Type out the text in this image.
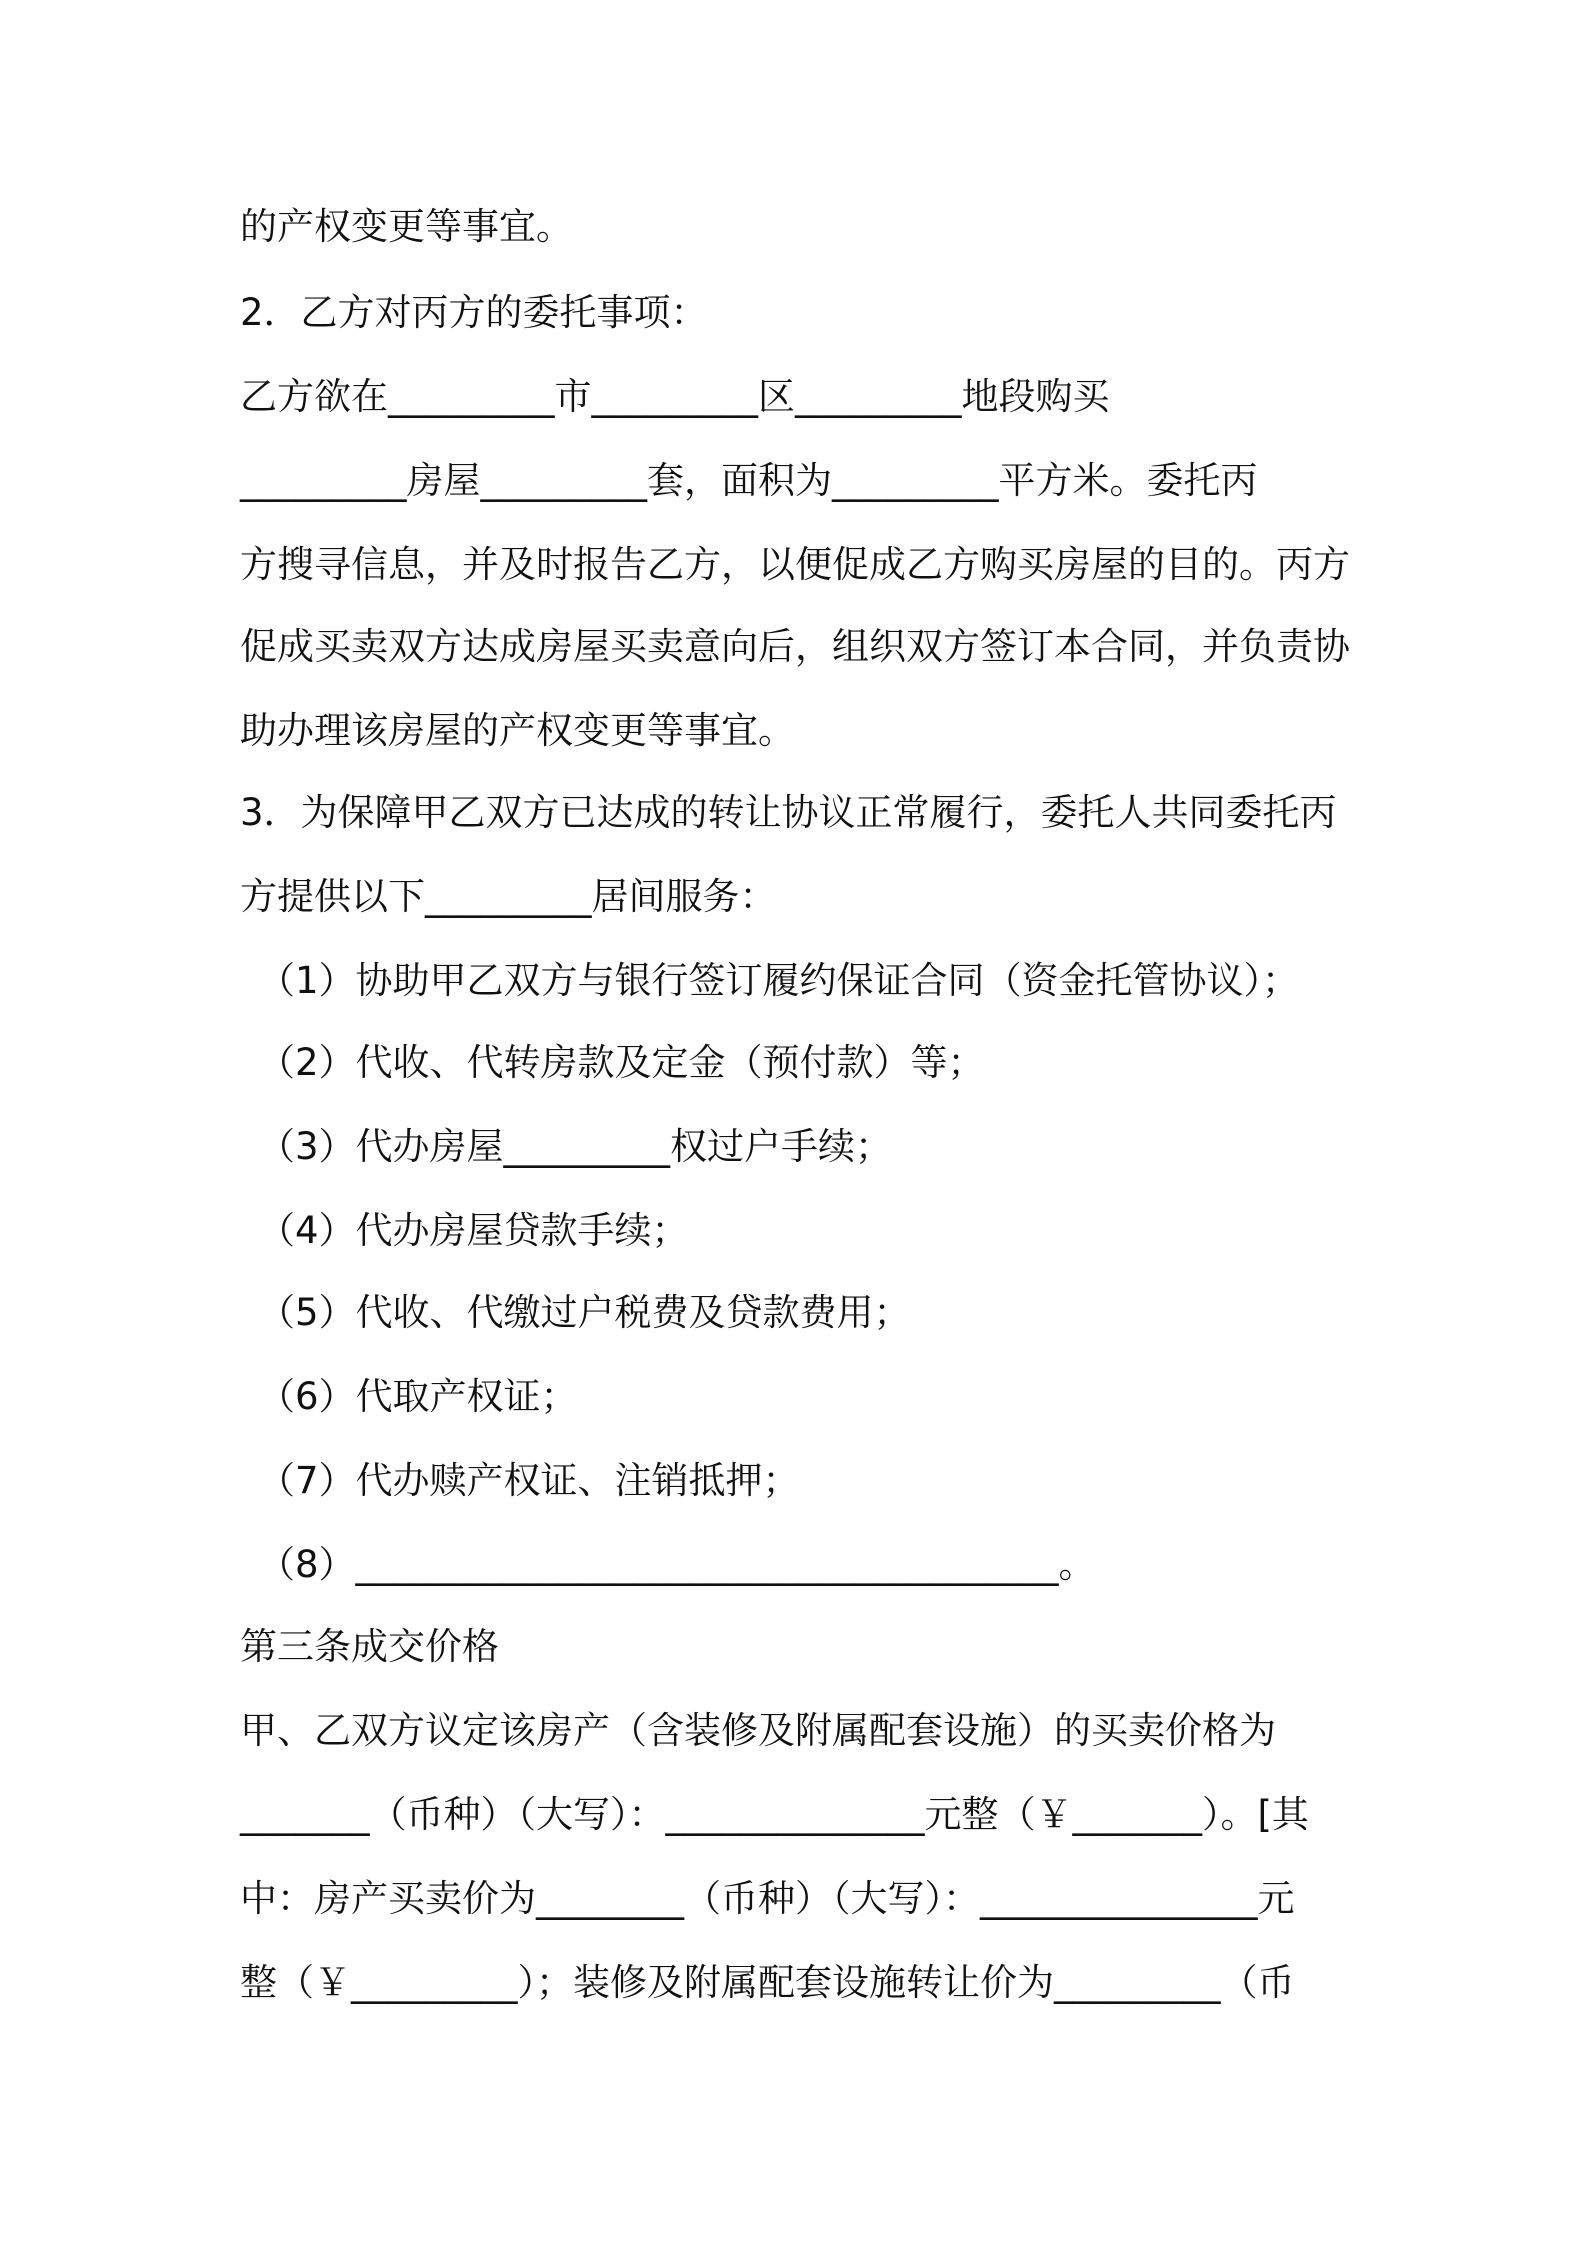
的产权变更等事宜。
2．乙方对丙方的委托事项：
乙方欲在_________市_________区_________地段购买
_________房屋_________套，面积为_________平方米。委托丙
方搜寻信息，并及时报告乙方，以便促成乙方购买房屋的目的。丙方
促成买卖双方达成房屋买卖意向后，组织双方签订本合同，并负责协
助办理该房屋的产权变更等事宜。
3．为保障甲乙双方已达成的转让协议正常履行，委托人共同委托丙
方提供以下_________居间服务：
（1）协助甲乙双方与银行签订履约保证合同（资金托管协议）；
（2）代收、代转房款及定金（预付款）等；
（3）代办房屋_________权过户手续；
（4）代办房屋贷款手续；
（5）代收、代缴过户税费及贷款费用；
（6）代取产权证；
（7）代办赎产权证、注销抵押；
（8）______________________________________。
第三条成交价格
甲、乙双方议定该房产（含装修及附属配套设施）的买卖价格为
_______（币种）（大写）：______________元整（￥_______）。[其
中：房产买卖价为________（币种）（大写）：_______________元
整（￥_________）；装修及附属配套设施转让价为_________（币
